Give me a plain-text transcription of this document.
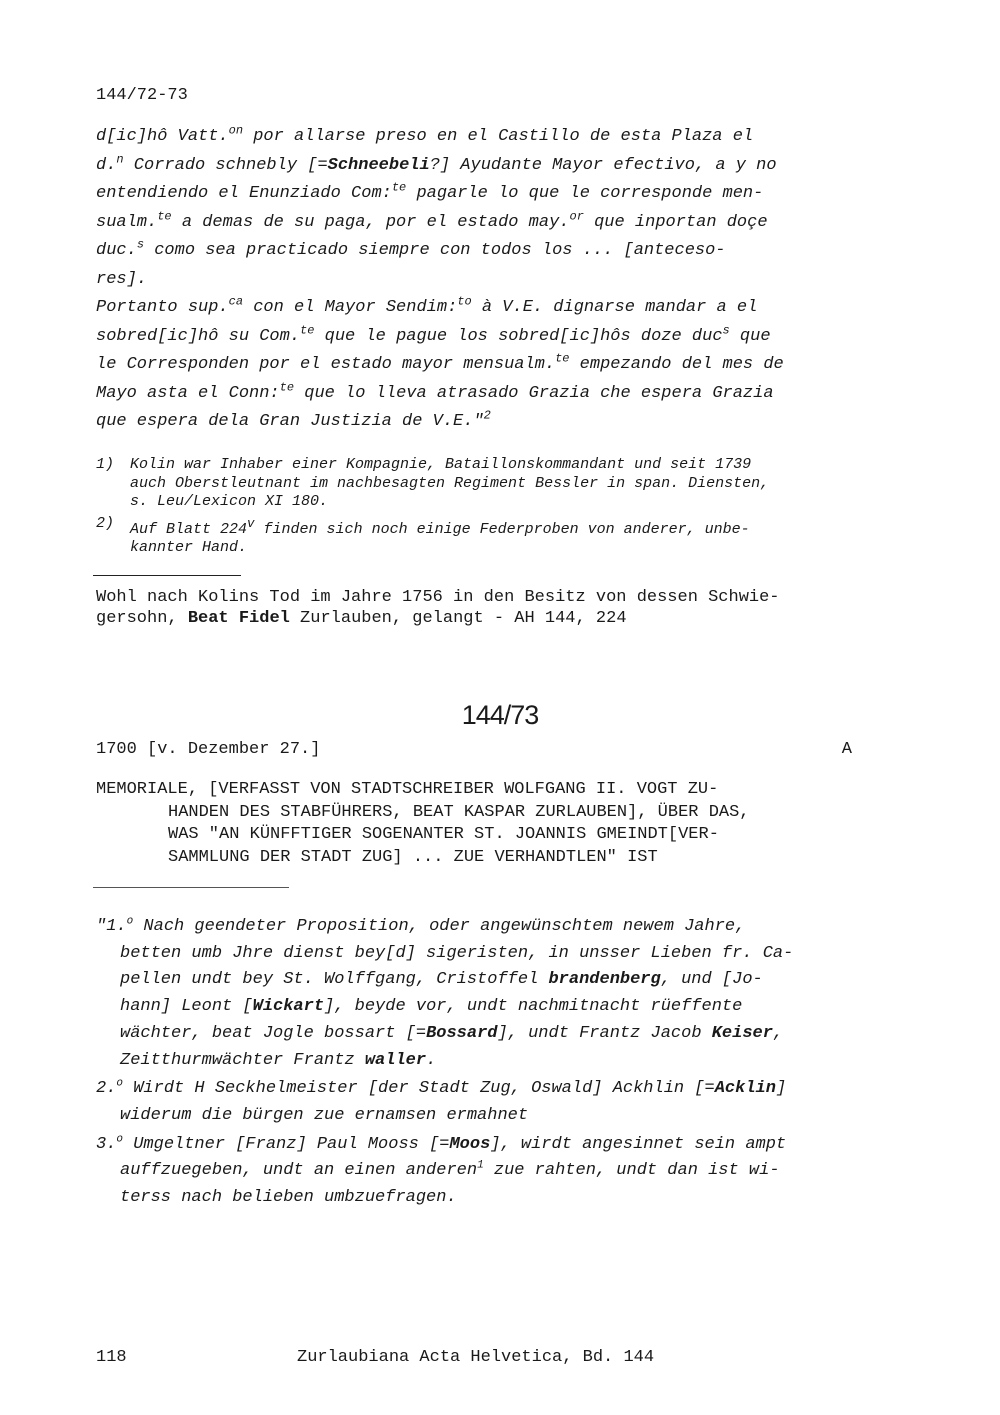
144/72-73
d[ic]hô Vatt.$^{on}$ por allarse preso en el Castillo de esta Plaza el
d.$^n$ Corrado schnebly [=Schneebeli?] Ayudante Mayor efectivo, a y no
entendiendo el Enunziado Com:$^{te}$ pagarle lo que le corresponde men-
sualm.$^{te}$ a demas de su paga, por el estado may.$^{or}$ que inportan doçe
duc.$^s$ como sea practicado siempre con todos los ... [antecesο-
res].
Portanto sup.$^{ca}$ con el Mayor Sendim:$^{to}$ à V.E. dignarse mandar a el
sobred[ic]hô su Com.$^{te}$ que le pague los sobred[ic]hôs doze duc$^s$ que
le Corresponden por el estado mayor mensualm.$^{te}$ empezando del mes de
Mayo asta el Conn:$^{te}$ que lo lleva atrasado Grazia che espera Grazia
que espera dela Gran Justizia de V.E."$^2$
1) Kolin war Inhaber einer Kompagnie, Bataillonskommandant und seit 1739
auch Oberstleutnant im nachbesagten Regiment Bessler in span. Diensten,
s. Leu/Lexicon XI 180.
2) Auf Blatt 224$^v$ finden sich noch einige Federproben von anderer, unbe-
kannter Hand.
Wohl nach Kolins Tod im Jahre 1756 in den Besitz von dessen Schwie-
gersohn, Beat Fidel Zurlauben, gelangt - AH 144, 224
144/73
1700 [v. Dezember 27.]	A
MEMORIALE, [VERFASST VON STADTSCHREIBER WOLFGANG II. VOGT ZU-
HANDEN DES STABFÜHRERS, BEAT KASPAR ZURLAUBEN], ÜBER DAS,
WAS "AN KÜNFFTIGER SOGENANTER ST. JOANNIS GMEINDT[VER-
SAMMLUNG DER STADT ZUG] ... ZUE VERHANDTLEN" IST
"1.$^o$ Nach geendeter Proposition, oder angewünschtem newem Jahre,
betten umb Jhre dienst bey[d] sigeristen, in unsser Lieben fr. Ca-
pellen undt bey St. Wolffgang, Cristoffel brandenberg, und [Jo-
hann] Leont [Wickart], beyde vor, undt nachmitnacht rüeffente
wächter, beat Jogle bossart [=Bossard], undt Frantz Jacob Keiser,
Zeitthurmwächter Frantz waller.
2.$^o$ Wirdt H Seckhelmeister [der Stadt Zug, Oswald] Ackhlin [=Acklin]
widerum die bürgen zue ernamsen ermahnet
3.$^o$ Umgeltner [Franz] Paul Mooss [=Moos], wirdt angesinnet sein ampt
auffzuegeben, undt an einen anderen$^1$ zue rahten, undt dan ist wi-
terss nach belieben umbzuefragen.
118	Zurlaubiana Acta Helvetica, Bd. 144
